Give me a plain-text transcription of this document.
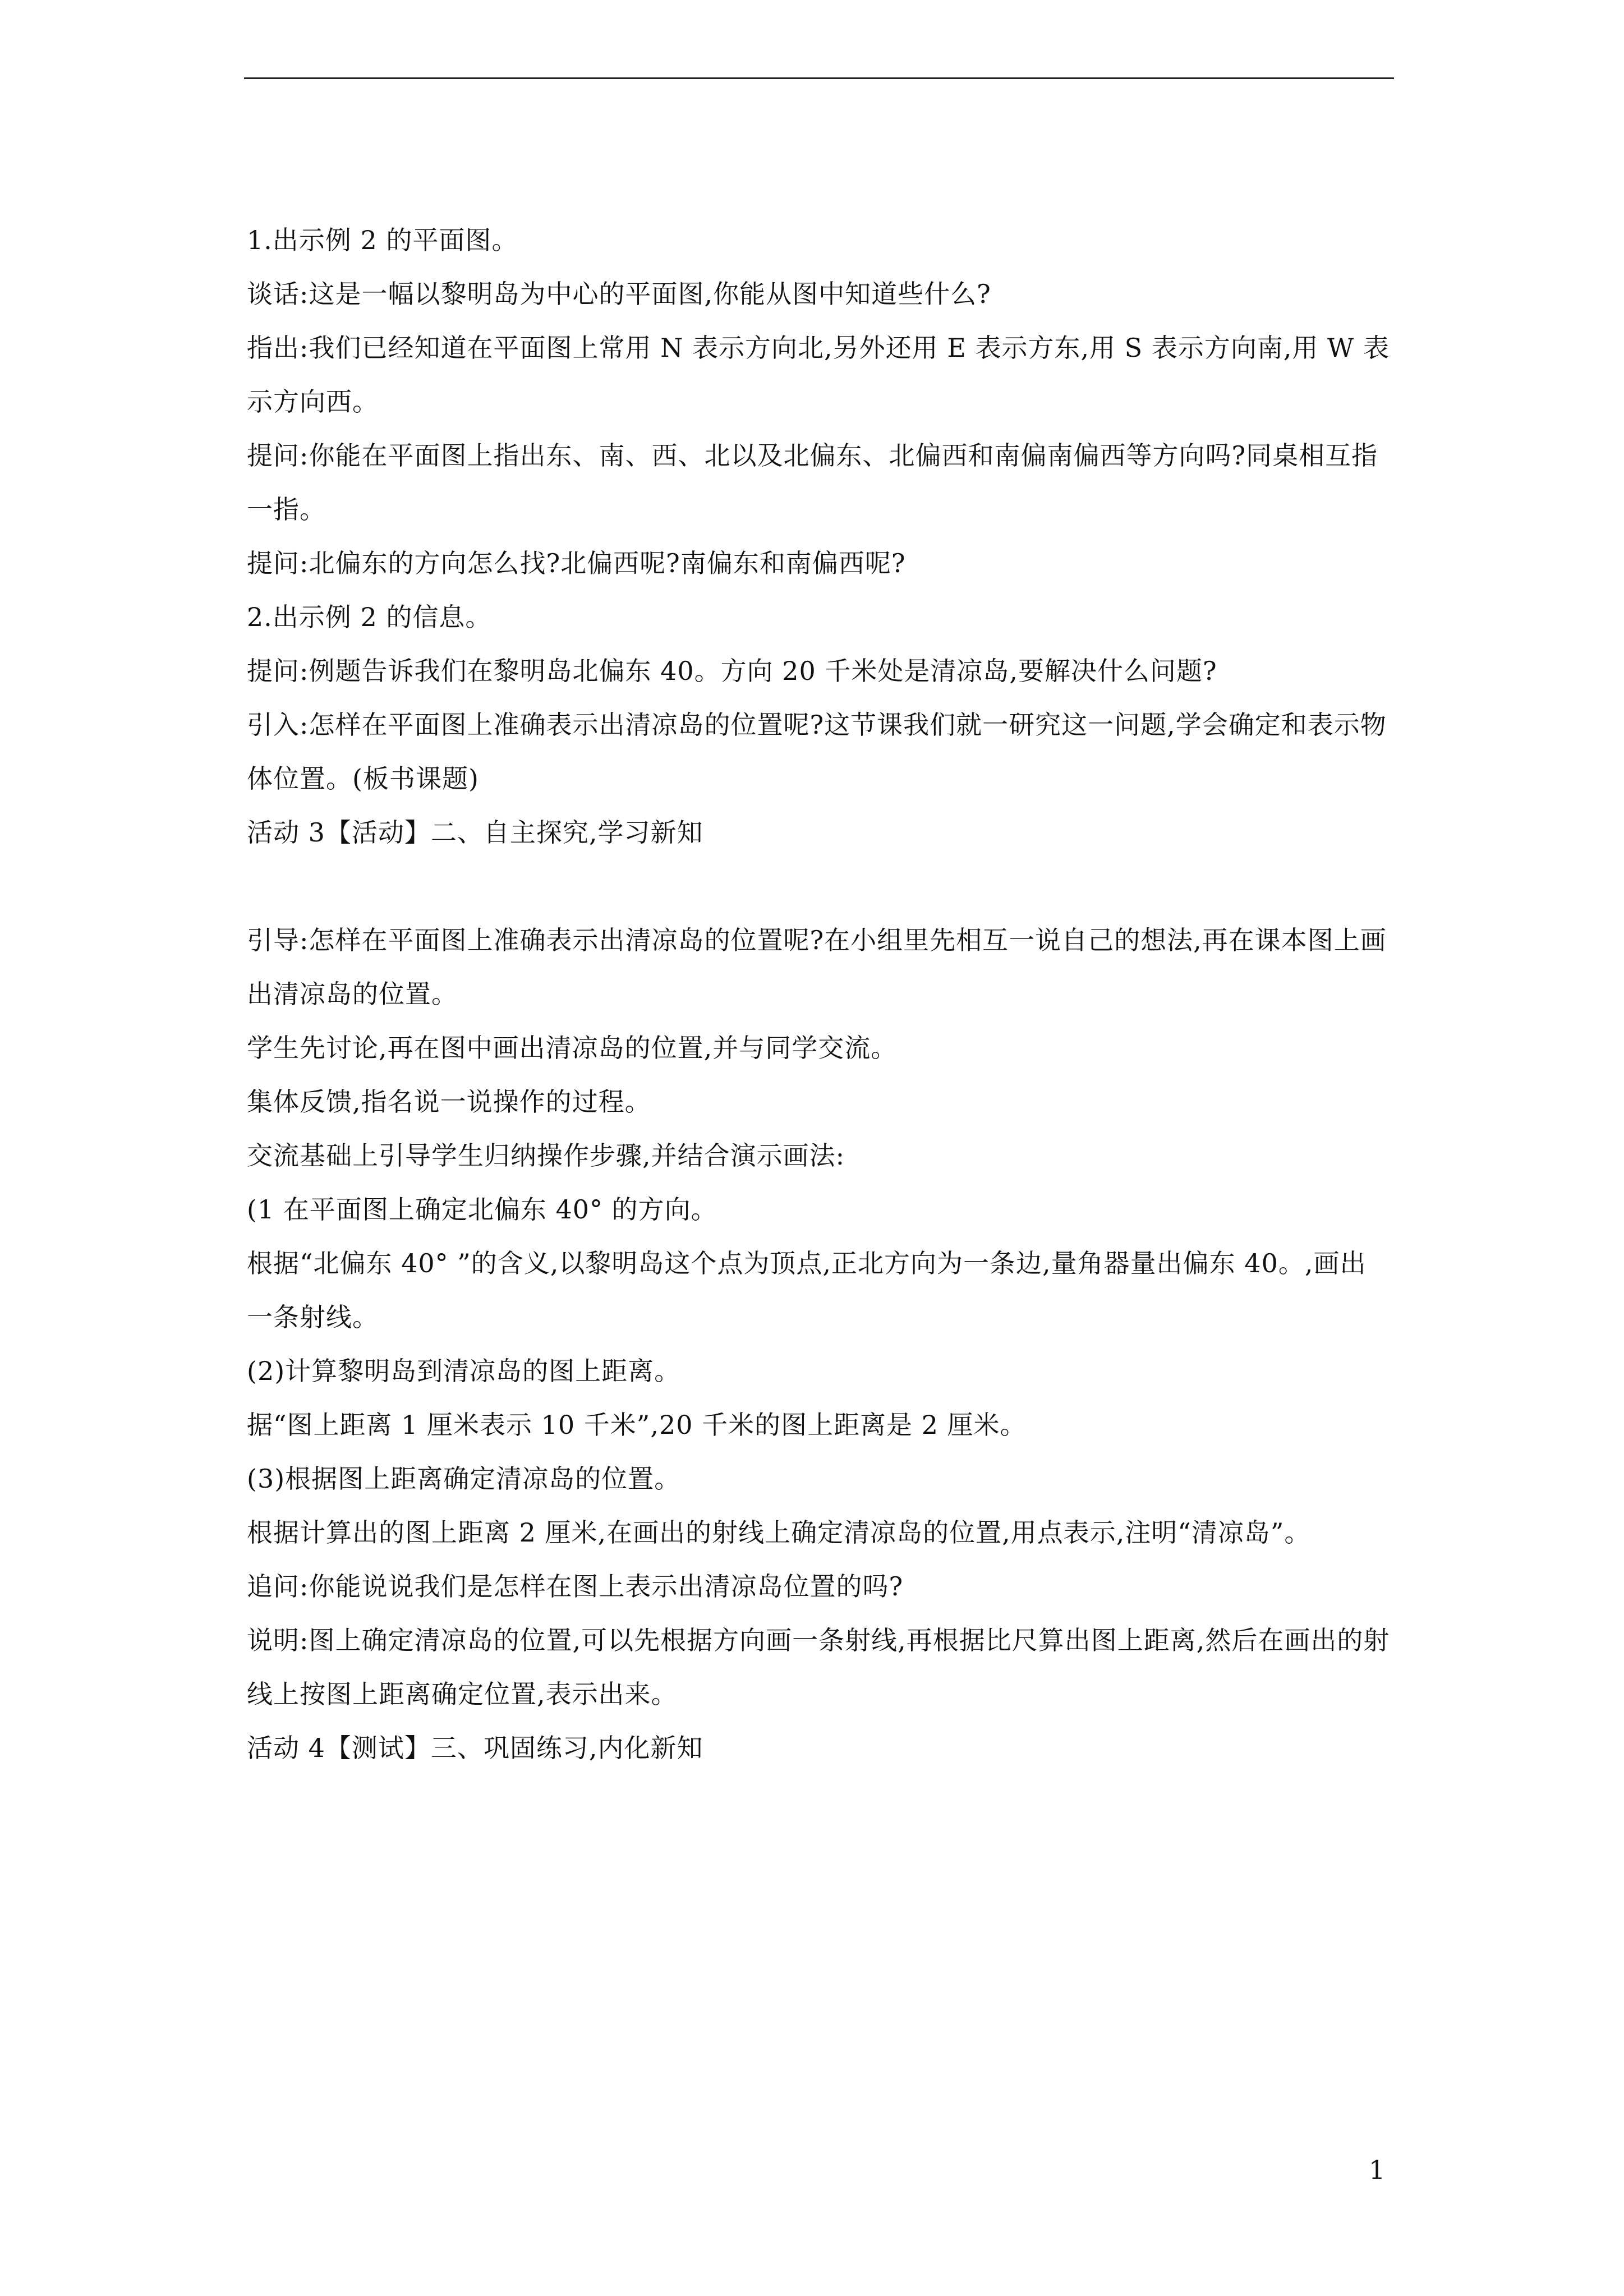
1.出示例 2 的平面图。

谈话:这是一幅以黎明岛为中心的平面图,你能从图中知道些什么?

指出:我们已经知道在平面图上常用 N 表示方向北,另外还用 E 表示方东,用 S 表示方向南,用 W 表示方向西。

提问:你能在平面图上指出东、南、西、北以及北偏东、北偏西和南偏南偏西等方向吗?同桌相互指一指。

提问:北偏东的方向怎么找?北偏西呢?南偏东和南偏西呢?

2.出示例 2 的信息。

提问:例题告诉我们在黎明岛北偏东 40。方向 20 千米处是清凉岛,要解决什么问题?

引入:怎样在平面图上准确表示出清凉岛的位置呢?这节课我们就一研究这一问题,学会确定和表示物体位置。(板书课题)

活动 3【活动】二、自主探究,学习新知

引导:怎样在平面图上准确表示出清凉岛的位置呢?在小组里先相互一说自己的想法,再在课本图上画出清凉岛的位置。

学生先讨论,再在图中画出清凉岛的位置,并与同学交流。

集体反馈,指名说一说操作的过程。

交流基础上引导学生归纳操作步骤,并结合演示画法:

(1 在平面图上确定北偏东 40° 的方向。

根据“北偏东 40° ”的含义,以黎明岛这个点为顶点,正北方向为一条边,量角器量出偏东 40。,画出一条射线。

(2)计算黎明岛到清凉岛的图上距离。

据“图上距离 1 厘米表示 10 千米”,20 千米的图上距离是 2 厘米。

(3)根据图上距离确定清凉岛的位置。

根据计算出的图上距离 2 厘米,在画出的射线上确定清凉岛的位置,用点表示,注明“清凉岛”。

追问:你能说说我们是怎样在图上表示出清凉岛位置的吗?

说明:图上确定清凉岛的位置,可以先根据方向画一条射线,再根据比尺算出图上距离,然后在画出的射线上按图上距离确定位置,表示出来。

活动 4【测试】三、巩固练习,内化新知

1
